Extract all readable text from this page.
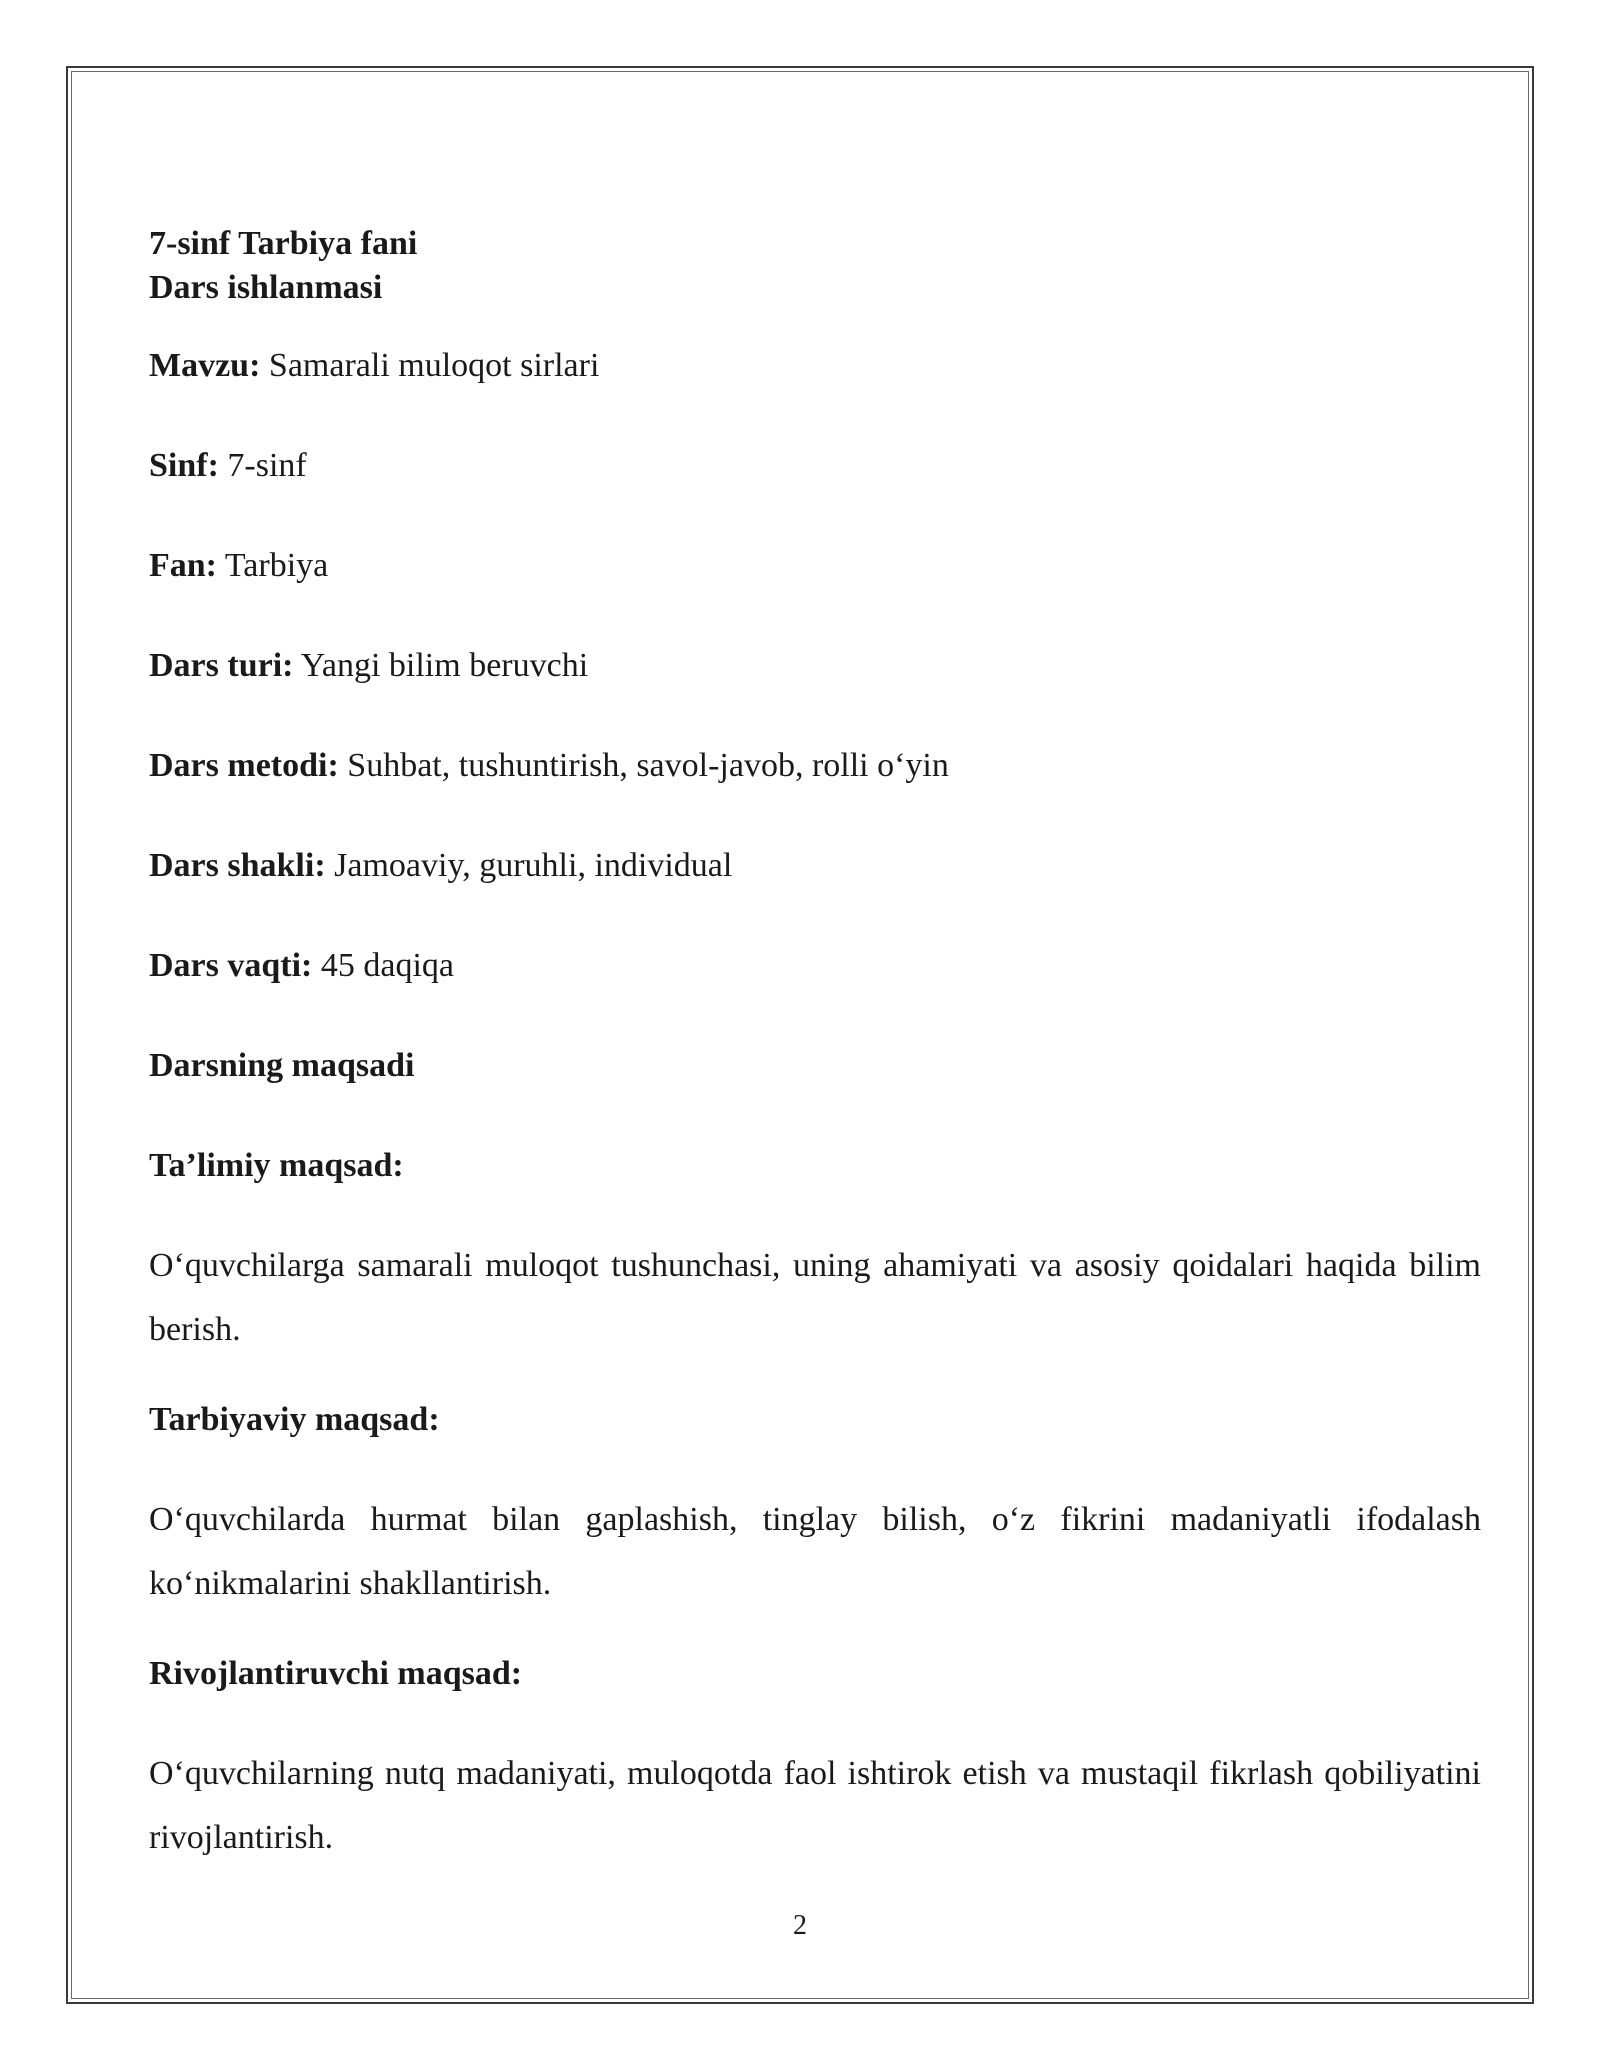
7-sinf Tarbiya fani

Dars ishlanmasi

Mavzu: Samarali muloqot sirlari

Sinf: 7-sinf

Fan: Tarbiya

Dars turi: Yangi bilim beruvchi

Dars metodi: Suhbat, tushuntirish, savol-javob, rolli o‘yin

Dars shakli: Jamoaviy, guruhli, individual

Dars vaqti: 45 daqiqa

Darsning maqsadi

Ta’limiy maqsad:

O‘quvchilarga samarali muloqot tushunchasi, uning ahamiyati va asosiy qoidalari haqida bilim berish.

Tarbiyaviy maqsad:

O‘quvchilarda hurmat bilan gaplashish, tinglay bilish, o‘z fikrini madaniyatli ifodalash ko‘nikmalarini shakllantirish.

Rivojlantiruvchi maqsad:

O‘quvchilarning nutq madaniyati, muloqotda faol ishtirok etish va mustaqil fikrlash qobiliyatini rivojlantirish.

2
